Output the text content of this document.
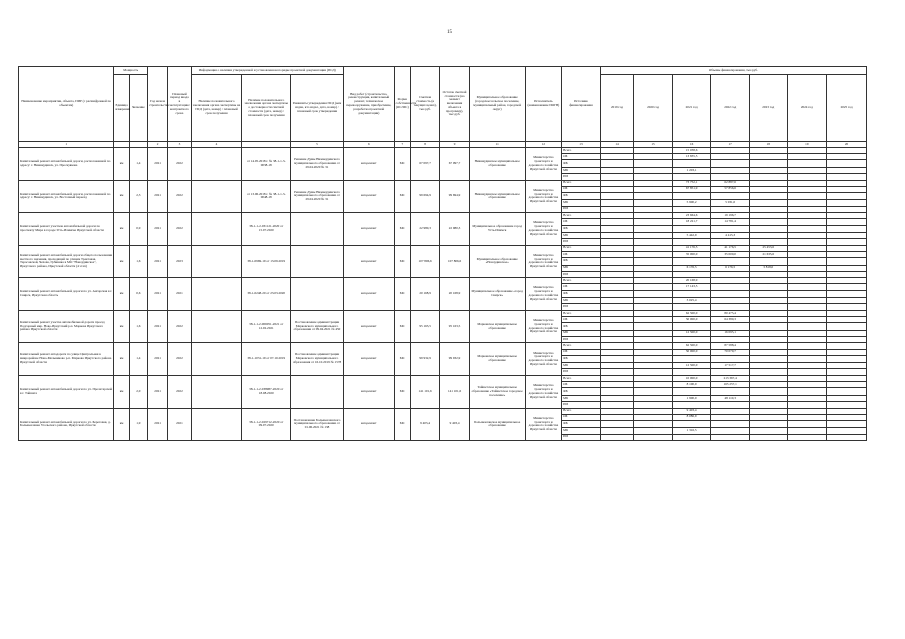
15
Наименование мероприятия, объекта, ПИР (с расшифровкой по объектам)	Мощность		Год начала строительства	Плановый период ввода в эксплуатацию/ контрактного срока	Информация о наличии утвержденной и установленном порядке проектной документации (ПСД)			Вид работ (строительство, реконструкция, капитальный ремонт, техническое перевооружение, приобретение, разработка проектной документации)	Форма собственности (ОС/МС)	Сметная стоимость (в текущих ценах), тыс.руб.	Остаток сметной стоимости (на момент включения объекта в программу), тыс.руб.	Муниципальное образование (городское/сельское поселение, муниципальный район, городской округ)	Исполнитель (наименование ИОГВ)	Источник финансирования	Объемы финансирования, тыс.руб.						
	Единица измерения	Значение			Наличие положительного заключения органа экспертизы на ПСД (дата, номер) / плановый срок получения	Наличие положительного заключения органа экспертизы о достоверности сметной стоимости (дата, номер) / плановый срок получения	Реквизиты утверждения ПСД (кем издан, кто издал, дата, номер) / плановый срок утверждения								2019 год	2020 год	2021 год	2022 год	2023 год	2024 год	2025 год
1			2	3	4		5	6	7	8	9	11	12	13	14	15	16	17	18	19	20
Капитальный ремонт автомобильной дороги, расположенной по адресу: г. Нижнеудинск, ул. Проскуякова	км	1,4	2021	2022		от 14.05.2018 г. № 38-1-1-3-0038-18	Решение Думы Нижнеудинского муниципального образования от 29.04.2020 № 31	кап.ремонт	МС	67 097,7	67 097,7	Нижнеудинское муниципальное образование	Министерство транспорта и дорожного хозяйства Иркутской области	Всего			15 038,6				
														ОБ			13 835,5				
														ФБ							
														МБ			1 203,1				
														ИИ							
Капитальный ремонт автомобильной дороги, расположенной по адресу: г. Нижнеудинск, ул. Восточный переезд	км	2,3	2021	2022		от 13.06.2018 г. № 38-1-1-3-0048-18	Решение Думы Нижнеудинского муниципального образования от 29.04.2020 № 31	кап.ремонт	МС	99 694,9	99 694,9	Нижнеудинское муниципальное образование	Министерство транспорта и дорожного хозяйства Иркутской области	Всего			73 752,1	62 887,6			
														ОБ			67 851,9	57 856,6			
														ФБ							
														МБ			5 900,2	5 031,0			
														ИИ							
Капитальный ремонт участков автомобильной дороги по проспекту Мира в городе Усть-Илимске Иркутской области	км	0,9	2021	2022		38-1-1-2-031121-2020 от 15.07.2020		кап.ремонт	МС	22 980,3	22 980,3	Муниципальное образование город Усть-Илимск	Министерство транспорта и дорожного хозяйства Иркутской области	Всего			23 664,6	19 196,7			
														ОБ			18 221,7	14 781,4			
														ФБ							
														МБ			5 442,9	4 415,3			
														ИИ							
Капитальный ремонт автомобильной дороги общего пользования местного значения, проходящей по улицам Трактовая, Тарасовской, Чехова, Грбиннка в МО "Новоудинское", Иркутского района, Иркутской области (4 этап)	км	1,6	2021	2023		38-1-0969-19 от 13.09.2019		кап.ремонт	МС	107 806,6	107 806,6	Муниципальное образование «Новоудинское»	Министерство транспорта и дорожного хозяйства Иркутской области	Всего			41 176,5	41 176,5	25 453,6		
														ОБ			35 000,0	35 000,0	21 635,6		
														ФБ							
														МБ			6 176,5	6 176,5	3 818,0		
														ИИ							
Капитальный ремонт автомобильной дороги по ул. Ангарская в г. Свирск, Иркутская область	км	0,6	2021	2021		38-1-0248-20 от 23.03.2020		кап.ремонт	МС	20 168,9	20 168,9	Муниципальное образование «город Свирск»	Министерство транспорта и дорожного хозяйства Иркутской области	Всего			20 168,9				
														ОБ			17 143,5				
														ФБ							
														МБ			3 025,4				
														ИИ							
Капитальный ремонт участка автомобильной дороги проезд Подгорный мкр. Ново-Иркутский р.п. Маркова Иркутского района Иркутской области	км	1,6	2021	2022		38-1-1-2-006051-2021 от 12.02.2021	Постановление администрации Марковского муниципального образования от 09.04.2021 № 450	кап.ремонт	МС	95 163,5	95 163,5	Марковское муниципальное образование	Министерство транспорта и дорожного хозяйства Иркутской области	Всего			62 500,0	80 475,4			
														ОБ			50 000,0	64 380,3			
														ФБ							
														МБ			12 500,0	16 095,1			
														ИИ							
Капитальный ремонт автодороги по улице Центральная в микрорайоне Ново-Мельниково р.п. Маркова Иркутского района Иркутской области	км	1,4	2021	2022		38-1-1031-19 от 07.10.2019	Постановление администрации Марковского муниципального образования от 16.10.2019 № 1578	кап.ремонт	МС	99 932,9	99 932,9	Марковское муниципальное образование	Министерство транспорта и дорожного хозяйства Иркутской области	Всего			62 500,0	87 588,4			
														ОБ			50 000,0	70 070,7			
														ФБ							
														МБ			12 500,0	17 517,7			
														ИИ							
Капитальный ремонт автомобильной дороги по ул. Пролетарской в г. Тайшете	км	2,0	2021	2022		38-1-1-2-038987-2020 от 18.08.2020		кап.ремонт	МС	141 101,6	141 101,6	Тайшетское муниципальное образование «Тайшетское городское поселение»	Министерство транспорта и дорожного хозяйства Иркутской области	Всего			10 000,0	213 367,4			
														ОБ			8 100,0	165 257,1			
														ФБ							
														МБ			1 900,0	48 110,3			
														ИИ							
Капитальный ремонт автомобильной дороги по ул. Береговая, д. Большееланка Усольского района, Иркутской области	км	1,9	2021	2021		38-1-1-2-029712-2020 от 09.07.2020	Постановление Большееланского муниципального образования от 01.06.2021 № 138	кап.ремонт	МС	9 403,4	9 403,4	Большееланское муниципальное образование	Министерство транспорта и дорожного хозяйства Иркутской области	Всего			9 403,4				
														ОБ			8 086,9				
														ФБ							
														МБ			1 316,5				
														ИИ							
